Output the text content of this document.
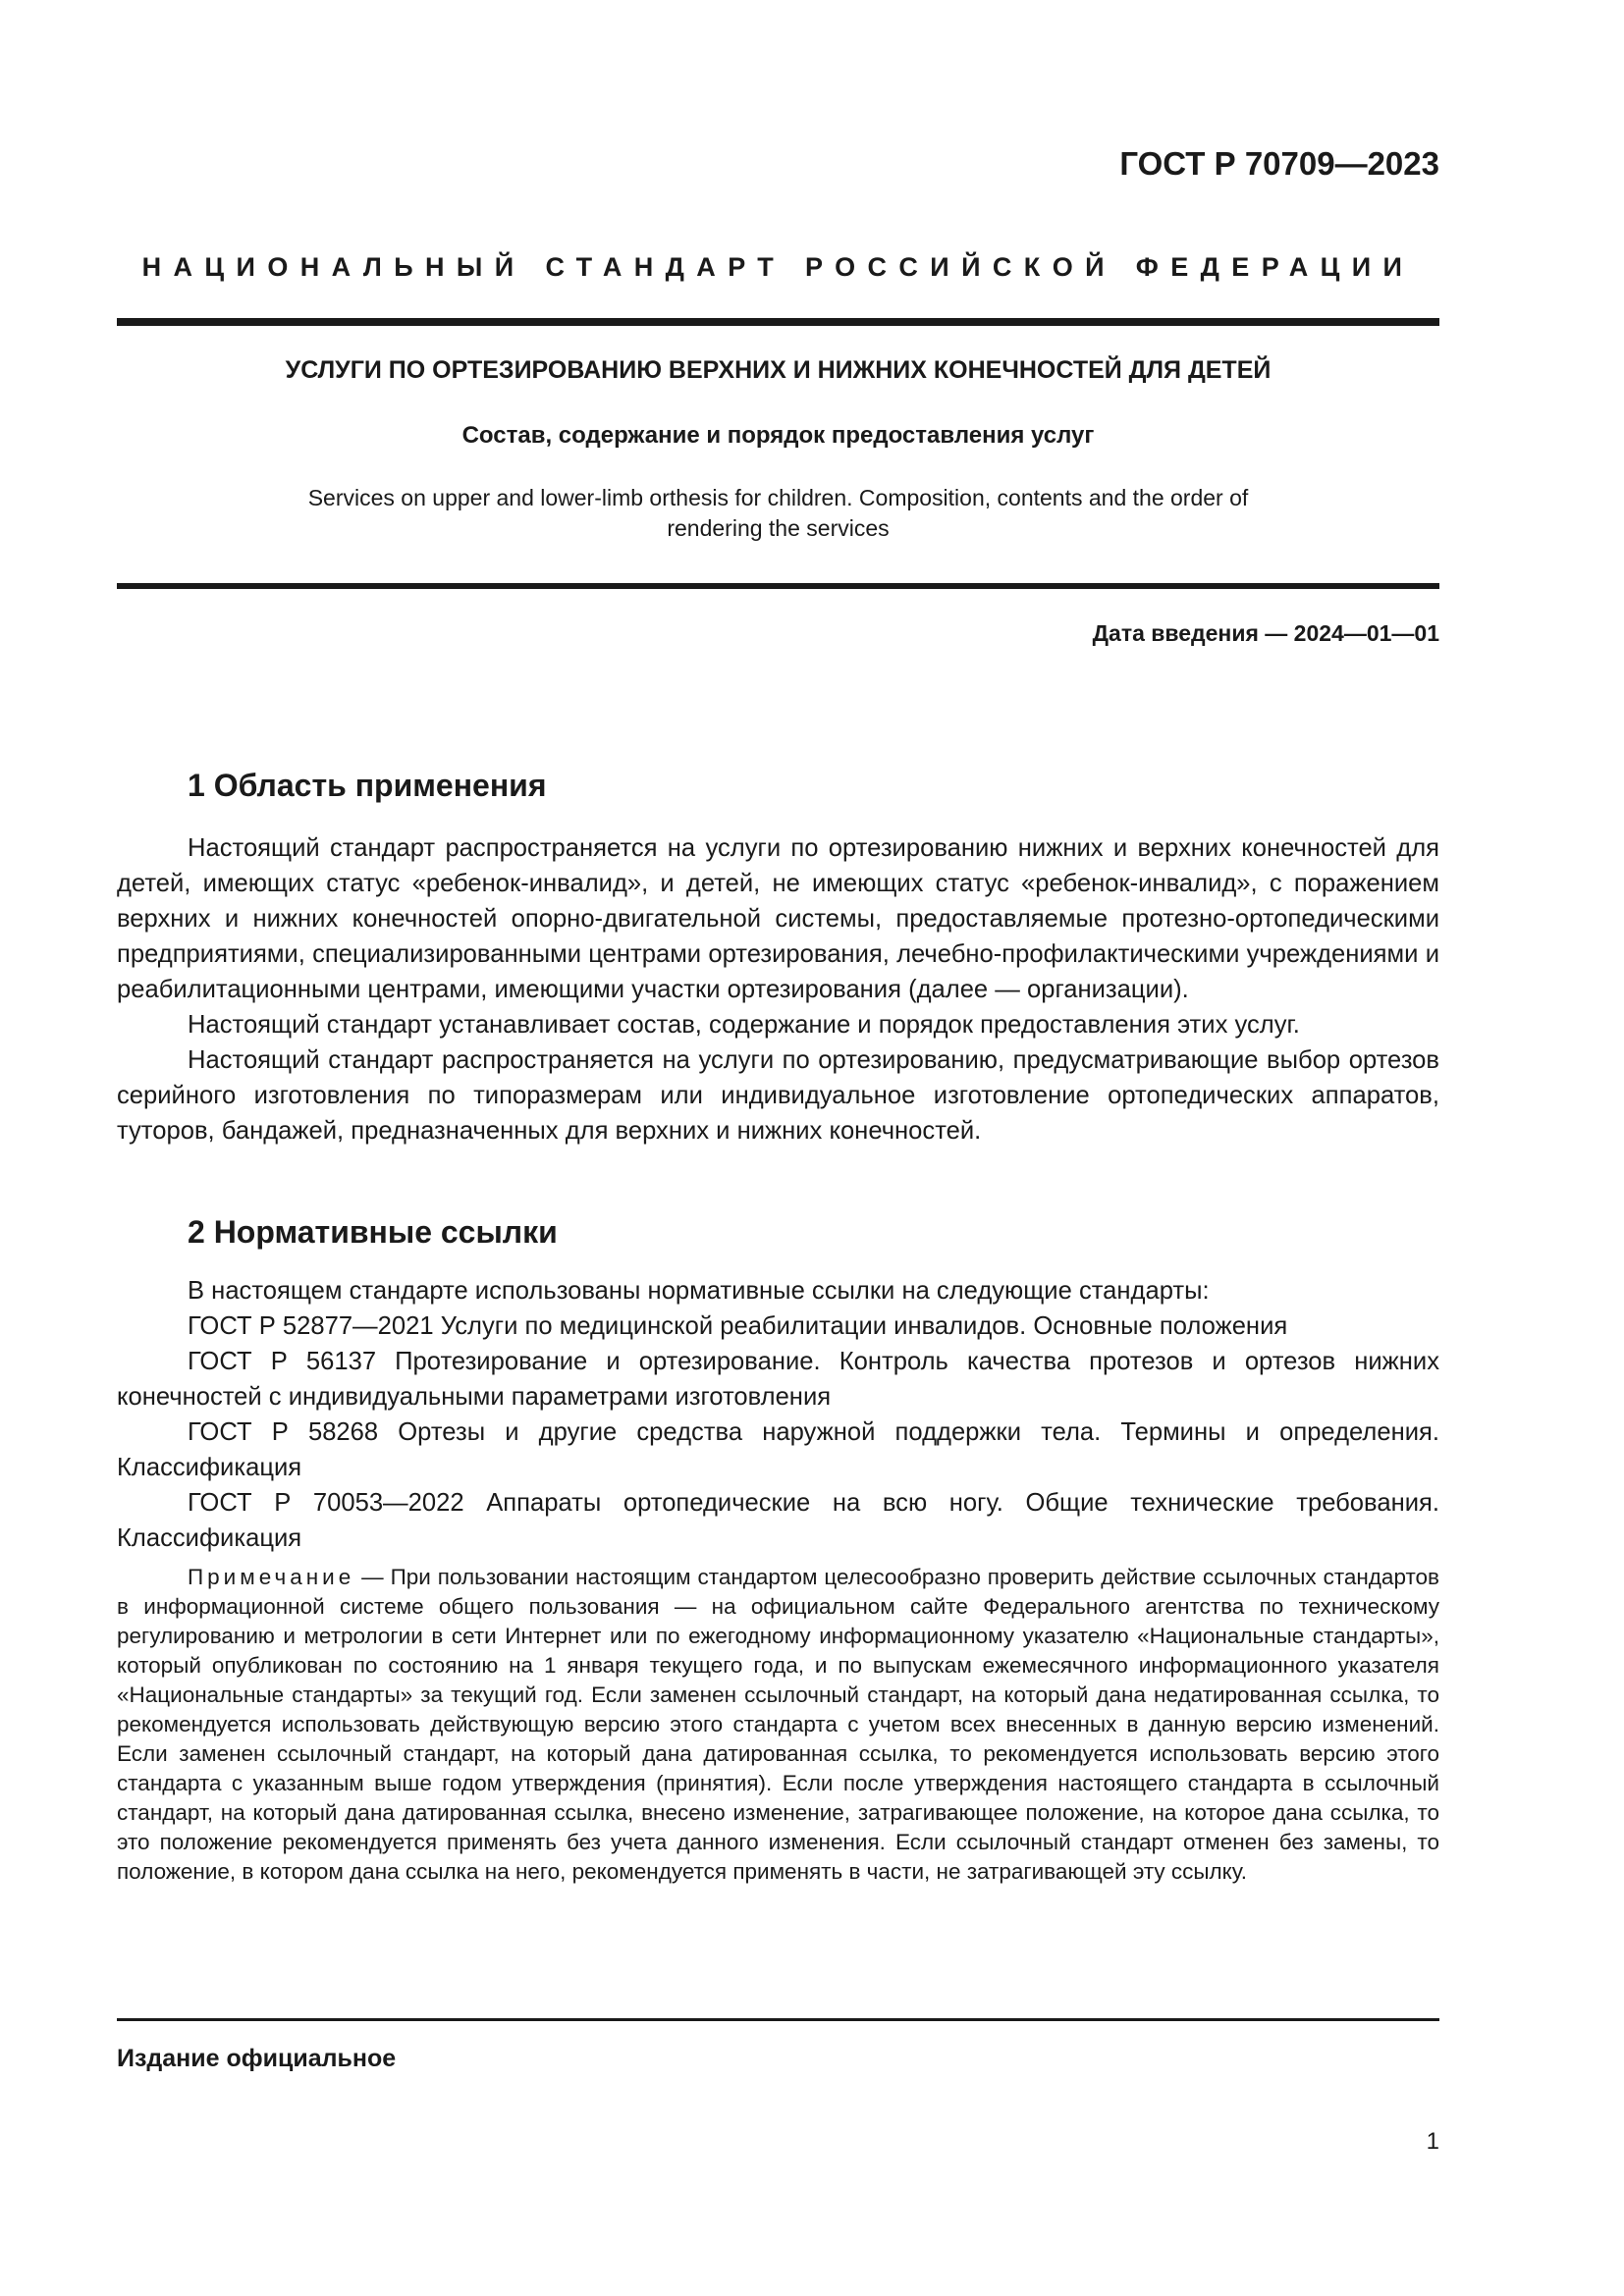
ГОСТ Р 70709—2023
НАЦИОНАЛЬНЫЙ СТАНДАРТ РОССИЙСКОЙ ФЕДЕРАЦИИ
УСЛУГИ ПО ОРТЕЗИРОВАНИЮ ВЕРХНИХ И НИЖНИХ КОНЕЧНОСТЕЙ ДЛЯ ДЕТЕЙ
Состав, содержание и порядок предоставления услуг
Services on upper and lower-limb orthesis for children. Composition, contents and the order of
rendering the services
Дата введения — 2024—01—01
1 Область применения

Настоящий стандарт распространяется на услуги по ортезированию нижних и верхних конечностей для детей, имеющих статус «ребенок-инвалид», и детей, не имеющих статус «ребенок-инвалид», с поражением верхних и нижних конечностей опорно-двигательной системы, предоставляемые протезно-ортопедическими предприятиями, специализированными центрами ортезирования, лечебно-профилактическими учреждениями и реабилитационными центрами, имеющими участки ортезирования (далее — организации).

Настоящий стандарт устанавливает состав, содержание и порядок предоставления этих услуг.

Настоящий стандарт распространяется на услуги по ортезированию, предусматривающие выбор ортезов серийного изготовления по типоразмерам или индивидуальное изготовление ортопедических аппаратов, туторов, бандажей, предназначенных для верхних и нижних конечностей.

2 Нормативные ссылки

В настоящем стандарте использованы нормативные ссылки на следующие стандарты:

ГОСТ Р 52877—2021 Услуги по медицинской реабилитации инвалидов. Основные положения

ГОСТ Р 56137 Протезирование и ортезирование. Контроль качества протезов и ортезов нижних конечностей с индивидуальными параметрами изготовления

ГОСТ Р 58268 Ортезы и другие средства наружной поддержки тела. Термины и определения. Классификация

ГОСТ Р 70053—2022 Аппараты ортопедические на всю ногу. Общие технические требования. Классификация

Примечание — При пользовании настоящим стандартом целесообразно проверить действие ссылочных стандартов в информационной системе общего пользования — на официальном сайте Федерального агентства по техническому регулированию и метрологии в сети Интернет или по ежегодному информационному указателю «Национальные стандарты», который опубликован по состоянию на 1 января текущего года, и по выпускам ежемесячного информационного указателя «Национальные стандарты» за текущий год. Если заменен ссылочный стандарт, на который дана недатированная ссылка, то рекомендуется использовать действующую версию этого стандарта с учетом всех внесенных в данную версию изменений. Если заменен ссылочный стандарт, на который дана датированная ссылка, то рекомендуется использовать версию этого стандарта с указанным выше годом утверждения (принятия). Если после утверждения настоящего стандарта в ссылочный стандарт, на который дана датированная ссылка, внесено изменение, затрагивающее положение, на которое дана ссылка, то это положение рекомендуется применять без учета данного изменения. Если ссылочный стандарт отменен без замены, то положение, в котором дана ссылка на него, рекомендуется применять в части, не затрагивающей эту ссылку.
Издание официальное
1
